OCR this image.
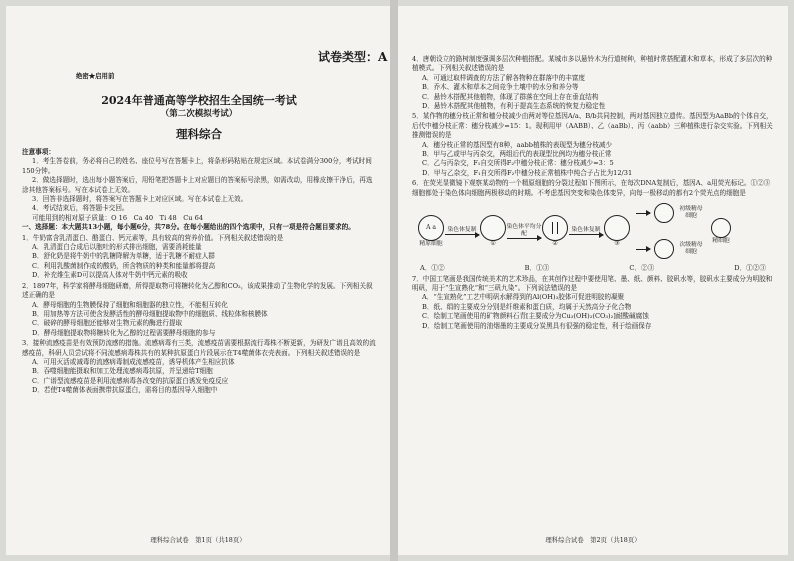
绝密★启用前
2024年普通高等学校招生全国统一考试
（第二次模拟考试）
理科综合
注意事项：
1．考生答卷前，务必将自己的姓名、座位号写在答题卡上，将条形码粘贴在规定区域。本试卷满分300分，考试时间150分钟。
2．做选择题时，选出每小题答案后，用铅笔把答题卡上对应题目的答案标号涂黑，如需改动，用橡皮擦干净后，再选涂其他答案标号。写在本试卷上无效。
3．回答非选择题时，将答案写在答题卡上对应区域。写在本试卷上无效。
4．考试结束后，将答题卡交回。
可能用到的相对原子质量：O 16　Ca 40　Ti 48　Cu 64
一、选择题：本大题共13小题，每小题6分，共78分。在每小题给出的四个选项中，只有一项是符合题目要求的。
1．牛奶富含乳清蛋白、酪蛋白、钙元素等，具有较高的营养价值。下列相关叙述错误的是
A．乳清蛋白合成后以胞吐的形式排出细胞，需要消耗能量
B．舒化奶是将牛奶中的乳糖降解为单糖，适于乳糖不耐症人群
C．利用乳酸菌制作成的酸奶，所含物质的种类和能量都将提高
D．补充维生素D可以提高人体对牛奶中钙元素的吸收
2．1897年，科学家将酵母细胞研磨，所得提取物可将糖转化为乙醇和CO₂，该成果推动了生物化学的发展。下列相关叙述正确的是
A．酵母细胞的生物膜保持了细胞和细胞器的独立性，不能相互转化
B．用加热等方法可使含发酵活性的酵母细胞提取物中的细胞质、线粒体和核膜体
C．破碎的酵母细胞还能够对生物元素的酶进行提取
D．酵母细胞提取物将糖转化为乙醇的过程需要酵母细胞的参与
3．接种流感疫苗是有效预防流感的措施。流感病毒有三类，流感疫苗需要根据流行毒株不断更新，为研发广谱且高效的流感疫苗，科研人员尝试将不同流感病毒株共有的某种抗原蛋白片段展示在T4噬菌体衣壳表面。下列相关叙述错误的是
A．可用灭活或减毒的流感病毒制成流感疫苗，诱导机体产生相应抗体
B．吞噬细胞能摄取和加工处理流感病毒抗原，并呈递给T细胞
C．广谱型流感疫苗是利用流感病毒各改变的抗原蛋白诱发免疫反应
D．若使T4噬菌体表面携带抗原蛋白，需将目的基因导入细胞中
理科综合试卷　第1页（共18页）
4．唐朝设立的路树制度强调多层次种植搭配。某城市多以悬铃木为行道树种，种植时常搭配灌木和草本，形成了多层次的种植模式。下列相关叙述错误的是
A．可通过取样调查的方法了解各物种在群落中的丰富度
B．乔木、灌木和草本之间竞争土壤中的水分和养分等
C．悬铃木搭配其他植物，体现了群落在空间上存在垂直结构
D．悬铃木搭配其他植物，有利于提高生态系统的恢复力稳定性
5．某作物的穗分枝正常和穗分枝减少由两对等位基因A/a、B/b共同控制，两对基因独立遗传。基因型为AaBb的个体自交，后代中穗分枝正常：穗分枝减少=15：1。现利用甲（AABB）、乙（aaBb）、丙（aabb）三种植株进行杂交实验。下列相关推测错误的是
A．穗分枝正常的基因型有8种，aabb植株的表现型为穗分枝减少
B．甲与乙或甲与丙杂交，两组后代的表现型比例均为穗分枝正常
C．乙与丙杂交，F₁自交所得F₂中穗分枝正常：穗分枝减少=3：5
D．甲与乙杂交，F₁自交所得F₂中穗分枝正常植株中纯合子占比为12/31
6．在荧光显微镜下观察某动物的一个精原细胞的分裂过程如下图所示，在每次DNA复制后，基因A、a用荧光标记。①②③细胞都处于染色体向细胞两极移动的时期。不考虑基因突变和染色体变异，向每一极移动的都有2个荧光点的细胞是
A a
精原细胞
染色体复制
①
染色体平均分配
②
染色体复制
③
初级精母细胞
次级精母细胞
精细胞
A．①②	B．①③	C．②③	D．①②③
7．中国工笔画是我国传统美术的艺术珍品，在其创作过程中要使用笔、墨、纸、颜料、胶矾水等，胶矾水主要成分为明胶和明矾，用于“生宣熟化”和“三矾九染”。下列说法错误的是
A．“生宣熟化”工艺中明矾水解得到的Al(OH)₃胶体可促进明胶的凝聚
B．纸、绢的主要成分分别是纤维素和蛋白质，均属于天然高分子化合物
C．绘制工笔画使用的矿物颜料石青[主要成分为Cu₃(OH)₂(CO₃)₂]耐酸碱腐蚀
D．绘制工笔画使用的油烟墨的主要成分炭黑具有很强的稳定性，利于绘画保存
理科综合试卷　第2页（共18页）
试卷类型：A
